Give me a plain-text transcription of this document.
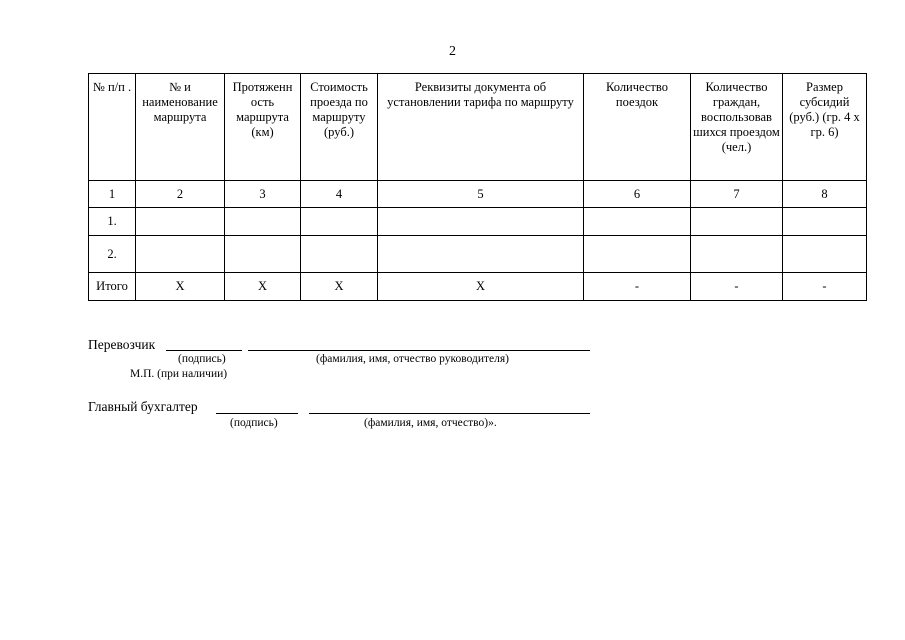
2
№ п/п .	№ и наименование маршрута	Протяженн ость маршрута (км)	Стоимость проезда по маршруту (руб.)	Реквизиты документа об установлении тарифа по маршруту	Количество поездок	Количество граждан, воспользовав шихся проездом (чел.)	Размер субсидий (руб.) (гр. 4 х гр. 6)
1	2	3	4	5	6	7	8
1.							
2.							
Итого	Х	Х	Х	Х	-	-	-
Перевозчик
(подпись)	(фамилия, имя, отчество руководителя)
М.П. (при наличии)
Главный бухгалтер
(подпись)	(фамилия, имя, отчество)».
